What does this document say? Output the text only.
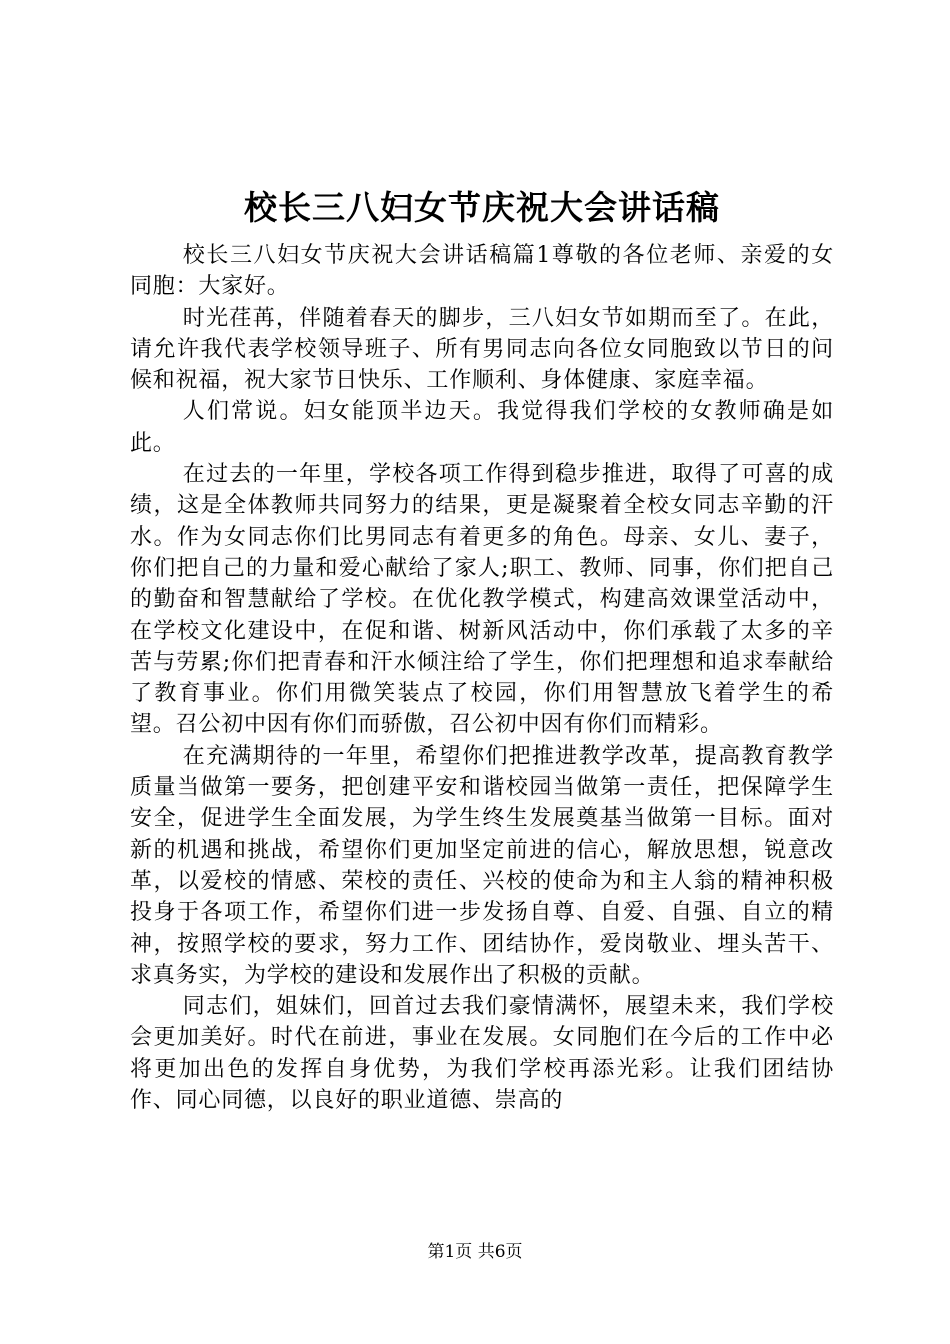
校长三八妇女节庆祝大会讲话稿

校长三八妇女节庆祝大会讲话稿篇1尊敬的各位老师、亲爱的女同胞：大家好。

时光荏苒，伴随着春天的脚步，三八妇女节如期而至了。在此，请允许我代表学校领导班子、所有男同志向各位女同胞致以节日的问候和祝福，祝大家节日快乐、工作顺利、身体健康、家庭幸福。

人们常说。妇女能顶半边天。我觉得我们学校的女教师确是如此。

在过去的一年里，学校各项工作得到稳步推进，取得了可喜的成绩，这是全体教师共同努力的结果，更是凝聚着全校女同志辛勤的汗水。作为女同志你们比男同志有着更多的角色。母亲、女儿、妻子，你们把自己的力量和爱心献给了家人;职工、教师、同事，你们把自己的勤奋和智慧献给了学校。在优化教学模式，构建高效课堂活动中，在学校文化建设中，在促和谐、树新风活动中，你们承载了太多的辛苦与劳累;你们把青春和汗水倾注给了学生，你们把理想和追求奉献给了教育事业。你们用微笑装点了校园，你们用智慧放飞着学生的希望。召公初中因有你们而骄傲，召公初中因有你们而精彩。

在充满期待的一年里，希望你们把推进教学改革，提高教育教学质量当做第一要务，把创建平安和谐校园当做第一责任，把保障学生安全，促进学生全面发展，为学生终生发展奠基当做第一目标。面对新的机遇和挑战，希望你们更加坚定前进的信心，解放思想，锐意改革，以爱校的情感、荣校的责任、兴校的使命为和主人翁的精神积极投身于各项工作，希望你们进一步发扬自尊、自爱、自强、自立的精神，按照学校的要求，努力工作、团结协作，爱岗敬业、埋头苦干、求真务实，为学校的建设和发展作出了积极的贡献。

同志们，姐妹们，回首过去我们豪情满怀，展望未来，我们学校会更加美好。时代在前进，事业在发展。女同胞们在今后的工作中必将更加出色的发挥自身优势，为我们学校再添光彩。让我们团结协作、同心同德，以良好的职业道德、崇高的

第1页 共6页
